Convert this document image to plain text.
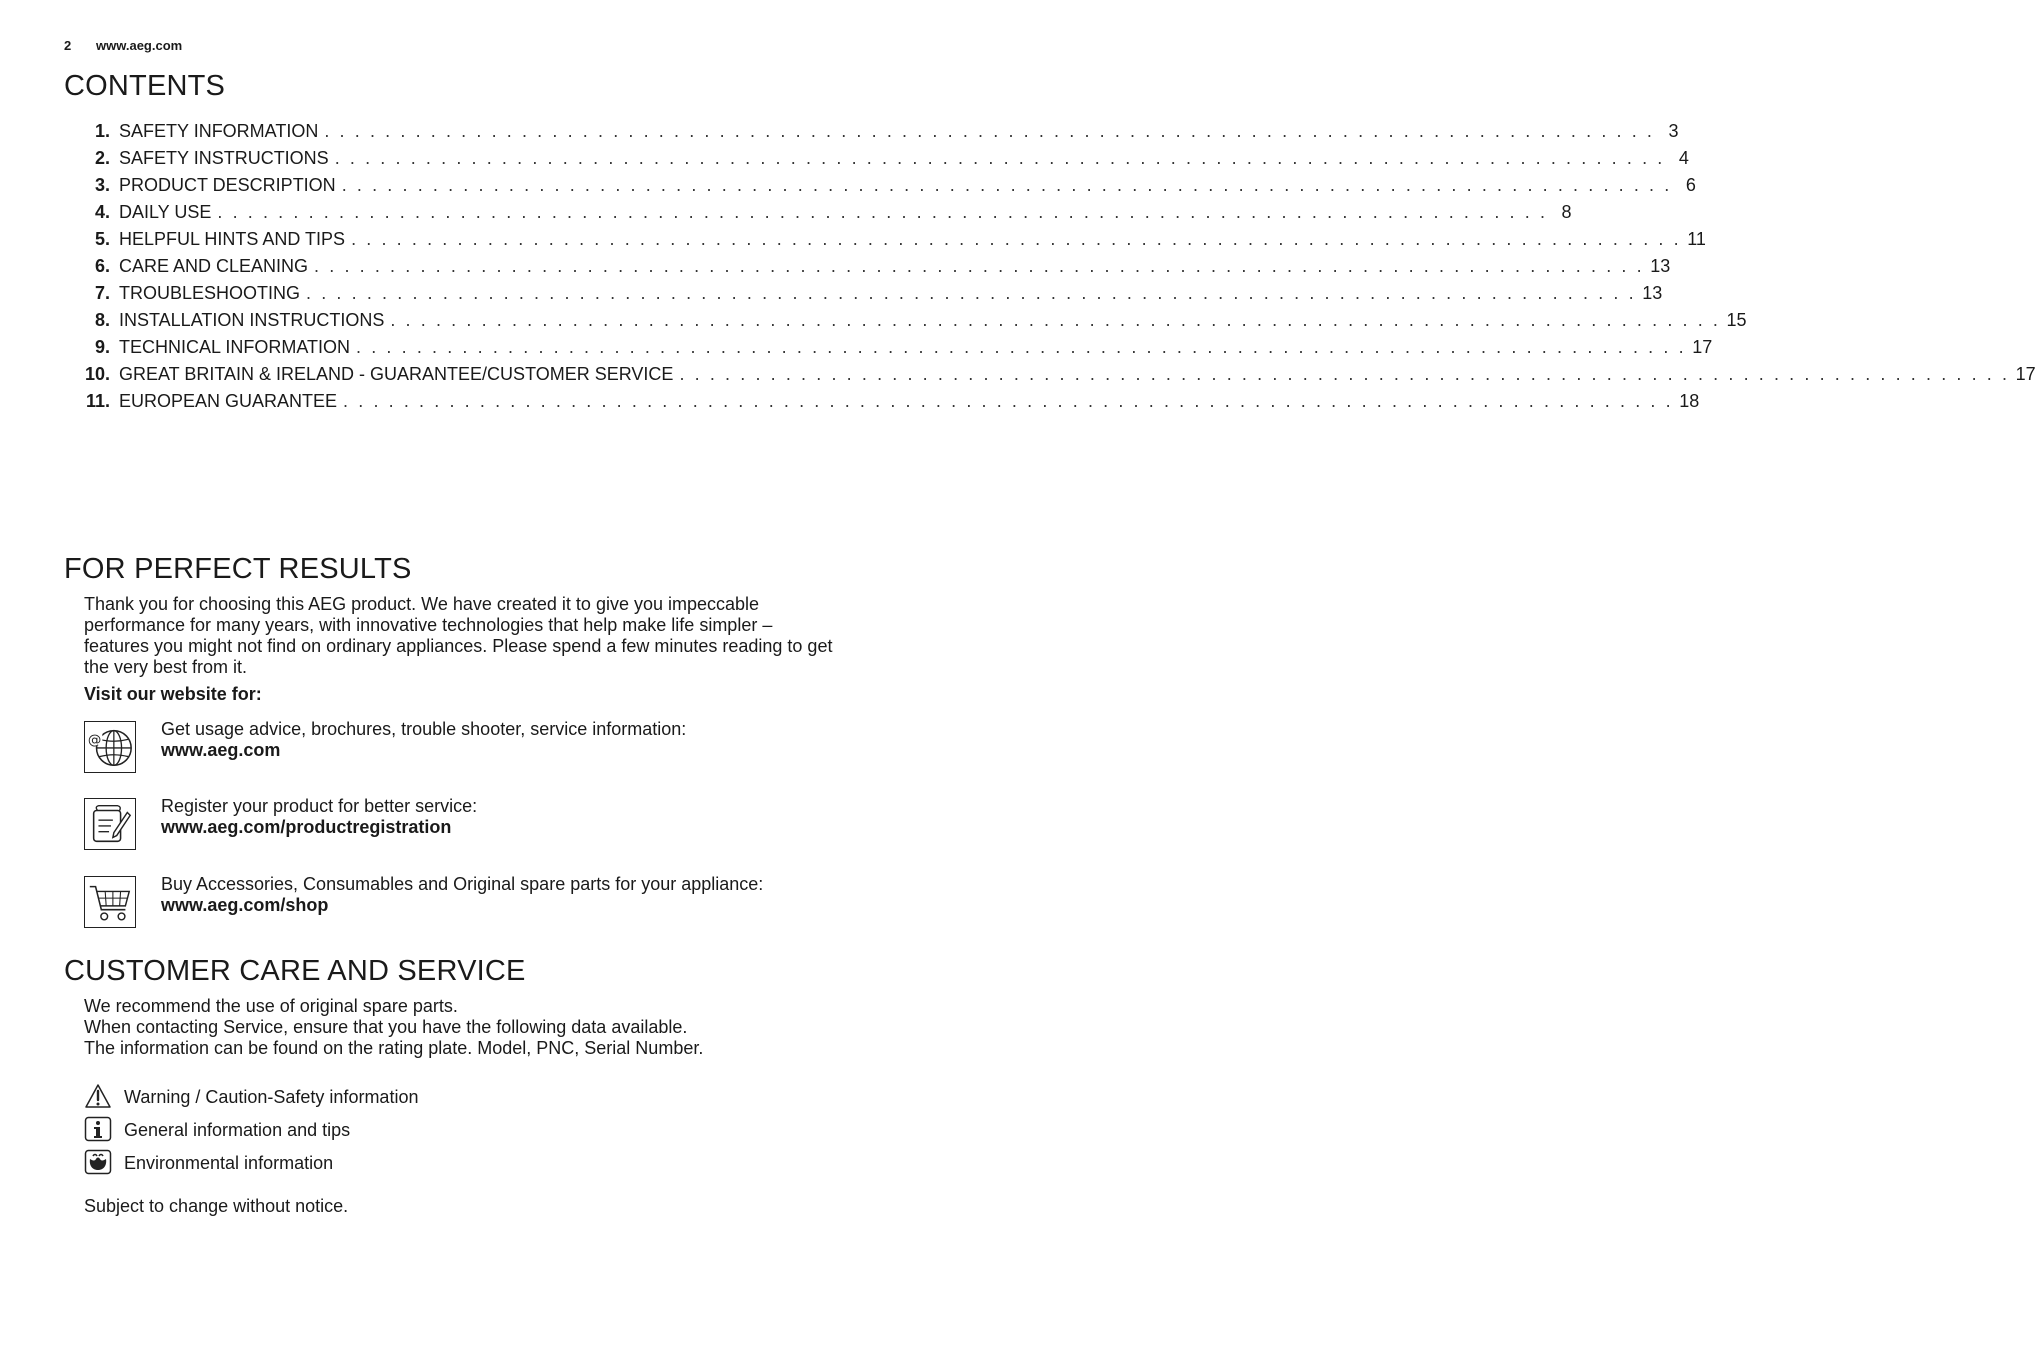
2 www.aeg.com
CONTENTS
1. SAFETY INFORMATION . . . . . . . . . . . . . . . . . . . . . . . . . . . . . . . . . . . . . . . . . . . . . . . . . . . . . . . . . . . . . . . . . . . . . . . . . . . . . . . . . . . . . . . . 3
2. SAFETY INSTRUCTIONS . . . . . . . . . . . . . . . . . . . . . . . . . . . . . . . . . . . . . . . . . . . . . . . . . . . . . . . . . . . . . . . . . . . . . . . . . . . . . . . . . . . . . . . . 4
3. PRODUCT DESCRIPTION . . . . . . . . . . . . . . . . . . . . . . . . . . . . . . . . . . . . . . . . . . . . . . . . . . . . . . . . . . . . . . . . . . . . . . . . . . . . . . . . . . . . . . . . 6
4. DAILY USE . . . . . . . . . . . . . . . . . . . . . . . . . . . . . . . . . . . . . . . . . . . . . . . . . . . . . . . . . . . . . . . . . . . . . . . . . . . . . . . . . . . . . . . . 8
5. HELPFUL HINTS AND TIPS . . . . . . . . . . . . . . . . . . . . . . . . . . . . . . . . . . . . . . . . . . . . . . . . . . . . . . . . . . . . . . . . . . . . . . . . . . . . . . . . . . . . . . . . 11
6. CARE AND CLEANING . . . . . . . . . . . . . . . . . . . . . . . . . . . . . . . . . . . . . . . . . . . . . . . . . . . . . . . . . . . . . . . . . . . . . . . . . . . . . . . . . . . . . . . . 13
7. TROUBLESHOOTING . . . . . . . . . . . . . . . . . . . . . . . . . . . . . . . . . . . . . . . . . . . . . . . . . . . . . . . . . . . . . . . . . . . . . . . . . . . . . . . . . . . . . . . . 13
8. INSTALLATION INSTRUCTIONS . . . . . . . . . . . . . . . . . . . . . . . . . . . . . . . . . . . . . . . . . . . . . . . . . . . . . . . . . . . . . . . . . . . . . . . . . . . . . . . . . . . . . . . . 15
9. TECHNICAL INFORMATION . . . . . . . . . . . . . . . . . . . . . . . . . . . . . . . . . . . . . . . . . . . . . . . . . . . . . . . . . . . . . . . . . . . . . . . . . . . . . . . . . . . . . . . . 17
10. GREAT BRITAIN & IRELAND - GUARANTEE/CUSTOMER SERVICE . . . . . . . . . . . . . . . . . . . . . . . . . . . . . . . . . . . . . . . . . . . . . . . . . . . . . . . . . . . . . . . . . . . . . . . . . . . . . . . . . . . . . . . . 17
11. EUROPEAN GUARANTEE . . . . . . . . . . . . . . . . . . . . . . . . . . . . . . . . . . . . . . . . . . . . . . . . . . . . . . . . . . . . . . . . . . . . . . . . . . . . . . . . . . . . . . . . 18
FOR PERFECT RESULTS
Thank you for choosing this AEG product. We have created it to give you impeccable
performance for many years, with innovative technologies that help make life simpler –
features you might not find on ordinary appliances. Please spend a few minutes reading to get
the very best from it.
Visit our website for:
@
Get usage advice, brochures, trouble shooter, service information:
www.aeg.com
Register your product for better service:
www.aeg.com/productregistration
Buy Accessories, Consumables and Original spare parts for your appliance:
www.aeg.com/shop
CUSTOMER CARE AND SERVICE
We recommend the use of original spare parts.
When contacting Service, ensure that you have the following data available.
The information can be found on the rating plate. Model, PNC, Serial Number.
Warning / Caution-Safety information
General information and tips
Environmental information
Subject to change without notice.
